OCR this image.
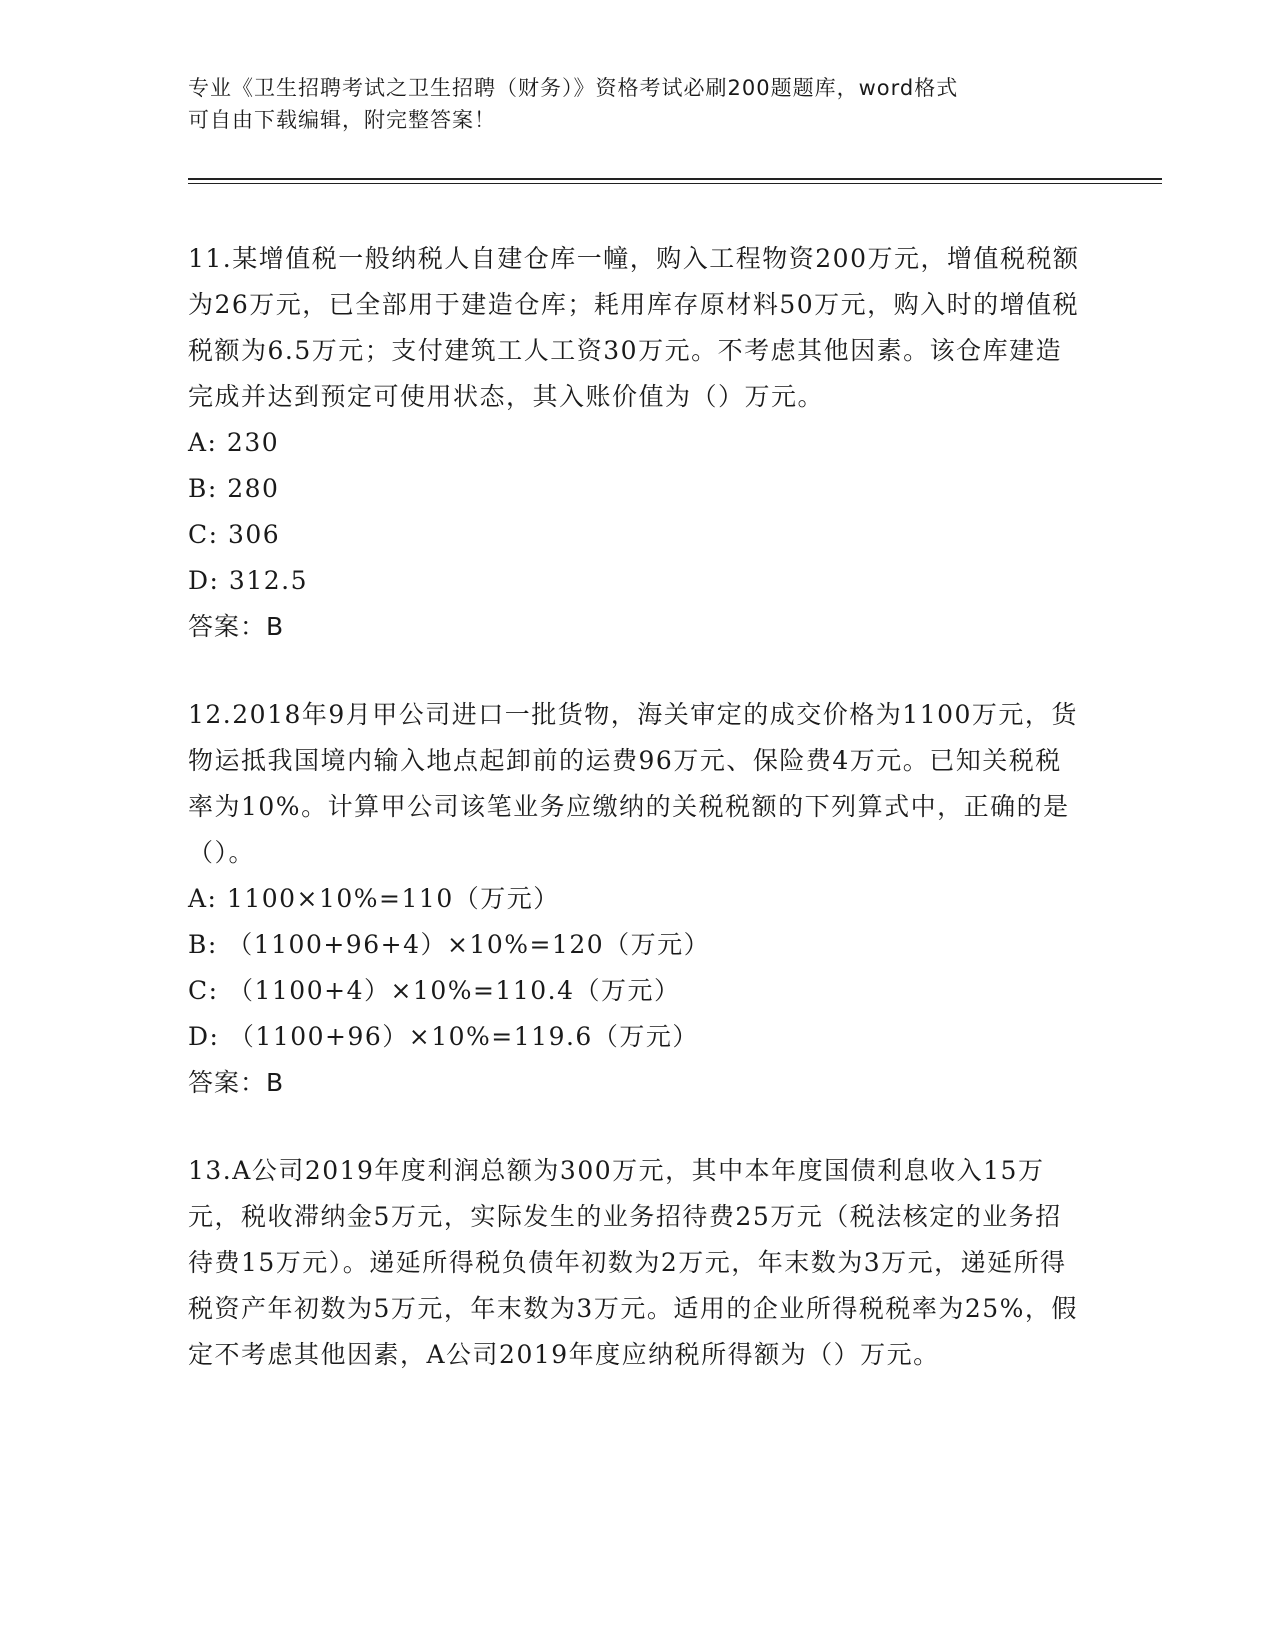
专业《卫生招聘考试之卫生招聘（财务）》资格考试必刷200题题库，word格式
可自由下载编辑，附完整答案！

11.某增值税一般纳税人自建仓库一幢，购入工程物资200万元，增值税税额为26万元，已全部用于建造仓库；耗用库存原材料50万元，购入时的增值税税额为6.5万元；支付建筑工人工资30万元。不考虑其他因素。该仓库建造完成并达到预定可使用状态，其入账价值为（）万元。

A: 230

B: 280

C: 306

D: 312.5

答案：B

12.2018年9月甲公司进口一批货物，海关审定的成交价格为1100万元，货物运抵我国境内输入地点起卸前的运费96万元、保险费4万元。已知关税税率为10%。计算甲公司该笔业务应缴纳的关税税额的下列算式中，正确的是（）。

A: 1100×10%=110（万元）

B: （1100+96+4）×10%=120（万元）

C: （1100+4）×10%=110.4（万元）

D: （1100+96）×10%=119.6（万元）

答案：B

13.A公司2019年度利润总额为300万元，其中本年度国债利息收入15万元，税收滞纳金5万元，实际发生的业务招待费25万元（税法核定的业务招待费15万元）。递延所得税负债年初数为2万元，年末数为3万元，递延所得税资产年初数为5万元，年末数为3万元。适用的企业所得税税率为25%，假定不考虑其他因素，A公司2019年度应纳税所得额为（）万元。
